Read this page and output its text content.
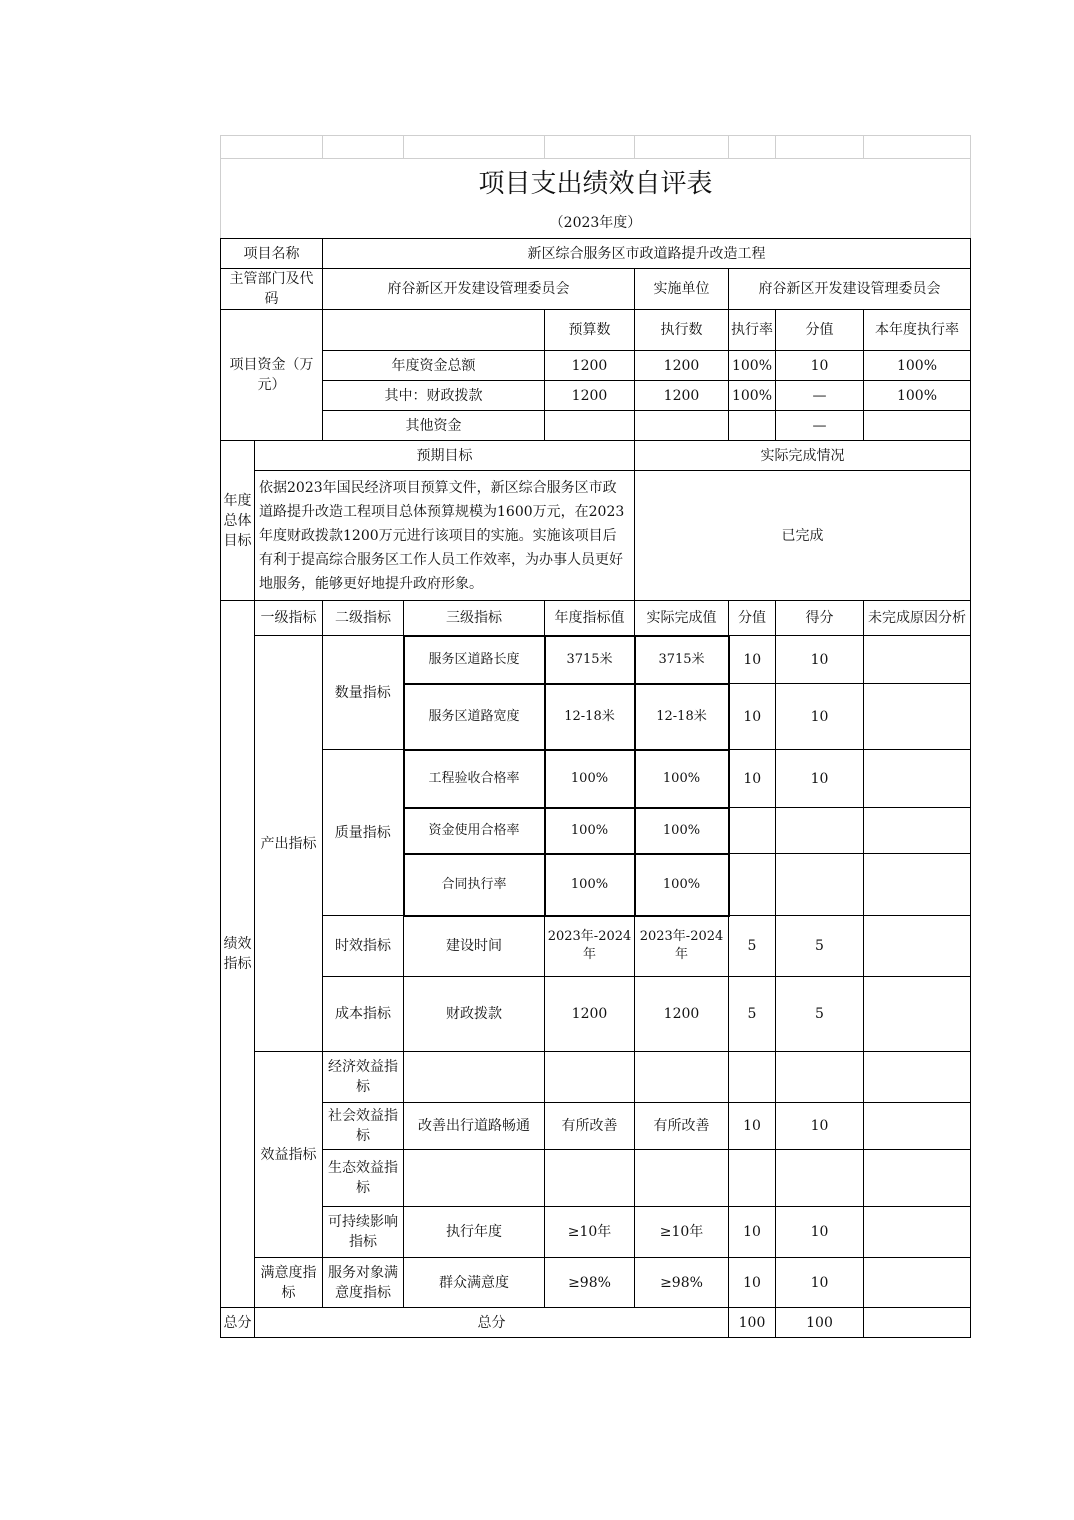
项目支出绩效自评表									
（2023年度）									
项目名称		新区综合服务区市政道路提升改造工程							
主管部门及代码		府谷新区开发建设管理委员会			实施单位	府谷新区开发建设管理委员会			
项目资金（万元）				预算数	执行数	执行率	分值	本年度执行率	
		年度资金总额		1200	1200	100%	10	100%	
		其中：财政拨款		1200	1200	100%	—	100%	
		其他资金					—		
年度总体目标	预期目标				实际完成情况				
	依据2023年国民经济项目预算文件，新区综合服务区市政道路提升改造工程项目总体预算规模为1600万元，在2023年度财政拨款1200万元进行该项目的实施。实施该项目后有利于提高综合服务区工作人员工作效率，为办事人员更好地服务，能够更好地提升政府形象。				已完成				
绩效指标	一级指标	二级指标	三级指标	年度指标值	实际完成值	分值	得分	未完成原因分析	
	产出指标	数量指标	服务区道路长度	3715米	3715米	10	10		
			服务区道路宽度	12-18米	12-18米	10	10		
		质量指标	工程验收合格率	100%	100%	10	10		
			资金使用合格率	100%	100%				
			合同执行率	100%	100%				
		时效指标	建设时间	2023年-2024年	2023年-2024年	5	5		
		成本指标	财政拨款	1200	1200	5	5		
	效益指标	经济效益指标							
		社会效益指标	改善出行道路畅通	有所改善	有所改善	10	10		
		生态效益指标							
		可持续影响指标	执行年度	≥10年	≥10年	10	10		
	满意度指标	服务对象满意度指标	群众满意度	≥98%	≥98%	10	10		
总分	总分					100	100		
